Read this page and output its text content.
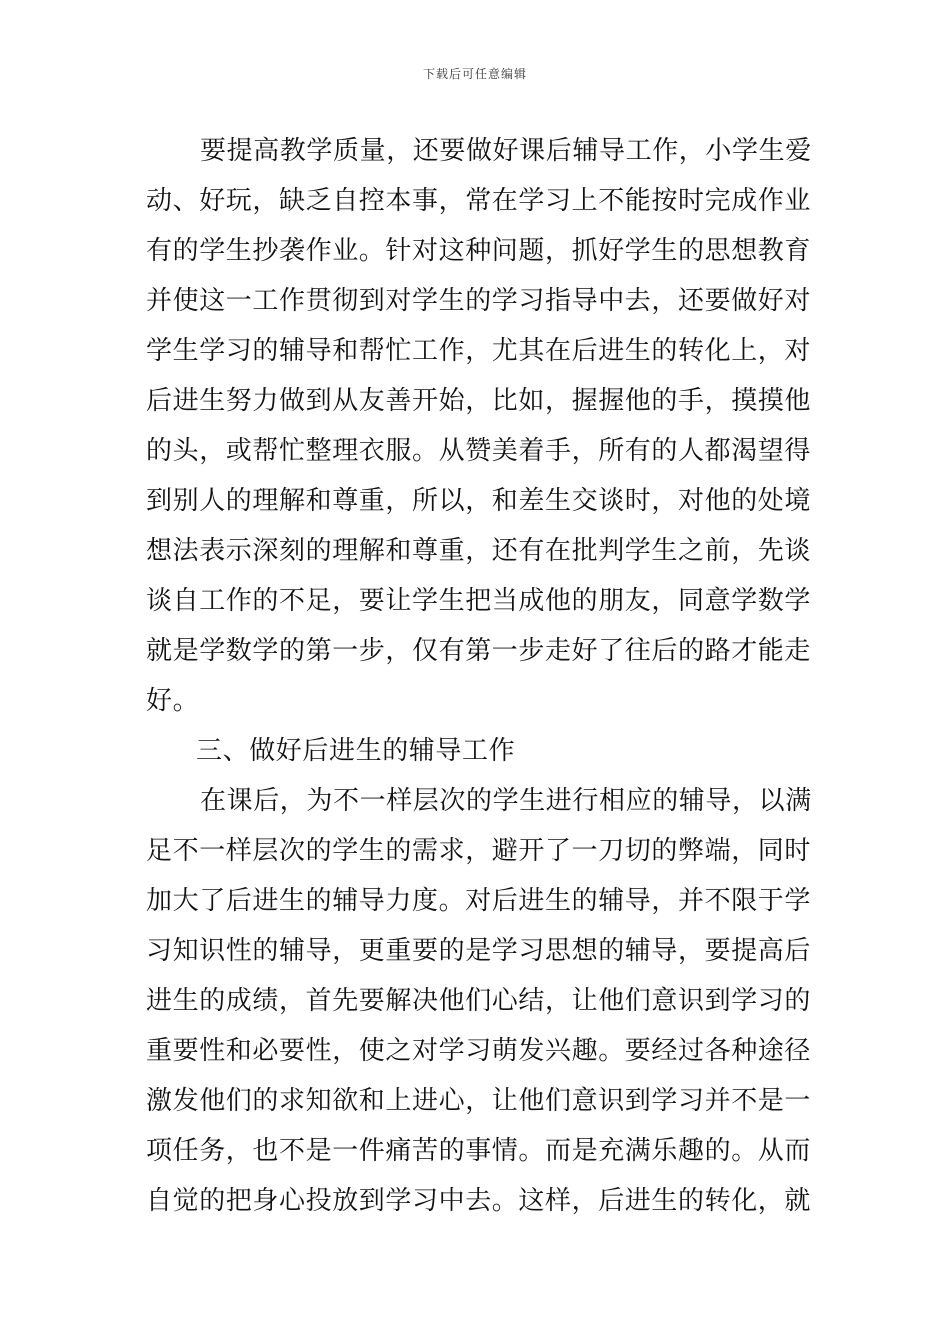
下载后可任意编辑
要提高教学质量，还要做好课后辅导工作，小学生爱
动、好玩，缺乏自控本事，常在学习上不能按时完成作业
有的学生抄袭作业。针对这种问题，抓好学生的思想教育
并使这一工作贯彻到对学生的学习指导中去，还要做好对
学生学习的辅导和帮忙工作，尤其在后进生的转化上，对
后进生努力做到从友善开始，比如，握握他的手，摸摸他
的头，或帮忙整理衣服。从赞美着手，所有的人都渴望得
到别人的理解和尊重，所以，和差生交谈时，对他的处境
想法表示深刻的理解和尊重，还有在批判学生之前，先谈
谈自工作的不足，要让学生把当成他的朋友，同意学数学
就是学数学的第一步，仅有第一步走好了往后的路才能走
好。
三、做好后进生的辅导工作
在课后，为不一样层次的学生进行相应的辅导，以满
足不一样层次的学生的需求，避开了一刀切的弊端，同时
加大了后进生的辅导力度。对后进生的辅导，并不限于学
习知识性的辅导，更重要的是学习思想的辅导，要提高后
进生的成绩，首先要解决他们心结，让他们意识到学习的
重要性和必要性，使之对学习萌发兴趣。要经过各种途径
激发他们的求知欲和上进心，让他们意识到学习并不是一
项任务，也不是一件痛苦的事情。而是充满乐趣的。从而
自觉的把身心投放到学习中去。这样，后进生的转化，就
